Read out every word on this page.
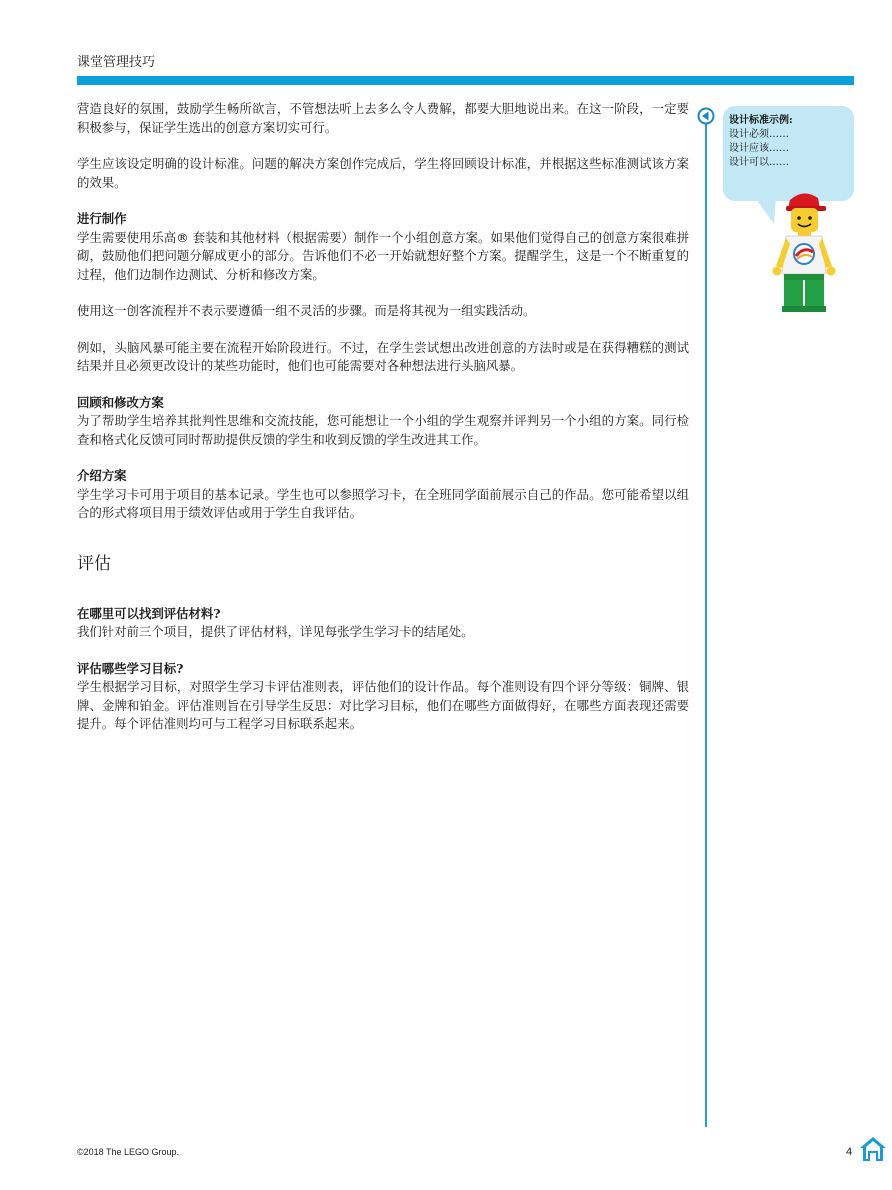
课堂管理技巧

营造良好的氛围，鼓励学生畅所欲言，不管想法听上去多么令人费解，都要大胆地说出来。在这一阶段，一定要积极参与，保证学生选出的创意方案切实可行。

学生应该设定明确的设计标准。问题的解决方案创作完成后，学生将回顾设计标准，并根据这些标准测试该方案的效果。

进行制作

学生需要使用乐高® 套装和其他材料（根据需要）制作一个小组创意方案。如果他们觉得自己的创意方案很难拼砌，鼓励他们把问题分解成更小的部分。告诉他们不必一开始就想好整个方案。提醒学生，这是一个不断重复的过程，他们边制作边测试、分析和修改方案。

使用这一创客流程并不表示要遵循一组不灵活的步骤。而是将其视为一组实践活动。

例如，头脑风暴可能主要在流程开始阶段进行。不过，在学生尝试想出改进创意的方法时或是在获得糟糕的测试结果并且必须更改设计的某些功能时，他们也可能需要对各种想法进行头脑风暴。

回顾和修改方案

为了帮助学生培养其批判性思维和交流技能，您可能想让一个小组的学生观察并评判另一个小组的方案。同行检查和格式化反馈可同时帮助提供反馈的学生和收到反馈的学生改进其工作。

介绍方案

学生学习卡可用于项目的基本记录。学生也可以参照学习卡，在全班同学面前展示自己的作品。您可能希望以组合的形式将项目用于绩效评估或用于学生自我评估。

评估
在哪里可以找到评估材料?

我们针对前三个项目，提供了评估材料，详见每张学生学习卡的结尾处。

评估哪些学习目标?

学生根据学习目标，对照学生学习卡评估准则表，评估他们的设计作品。每个准则设有四个评分等级：铜牌、银牌、金牌和铂金。评估准则旨在引导学生反思：对比学习目标，他们在哪些方面做得好，在哪些方面表现还需要提升。每个评估准则均可与工程学习目标联系起来。

设计标准示例:
设计必须……
设计应该……
设计可以……
©2018 The LEGO Group.	4
